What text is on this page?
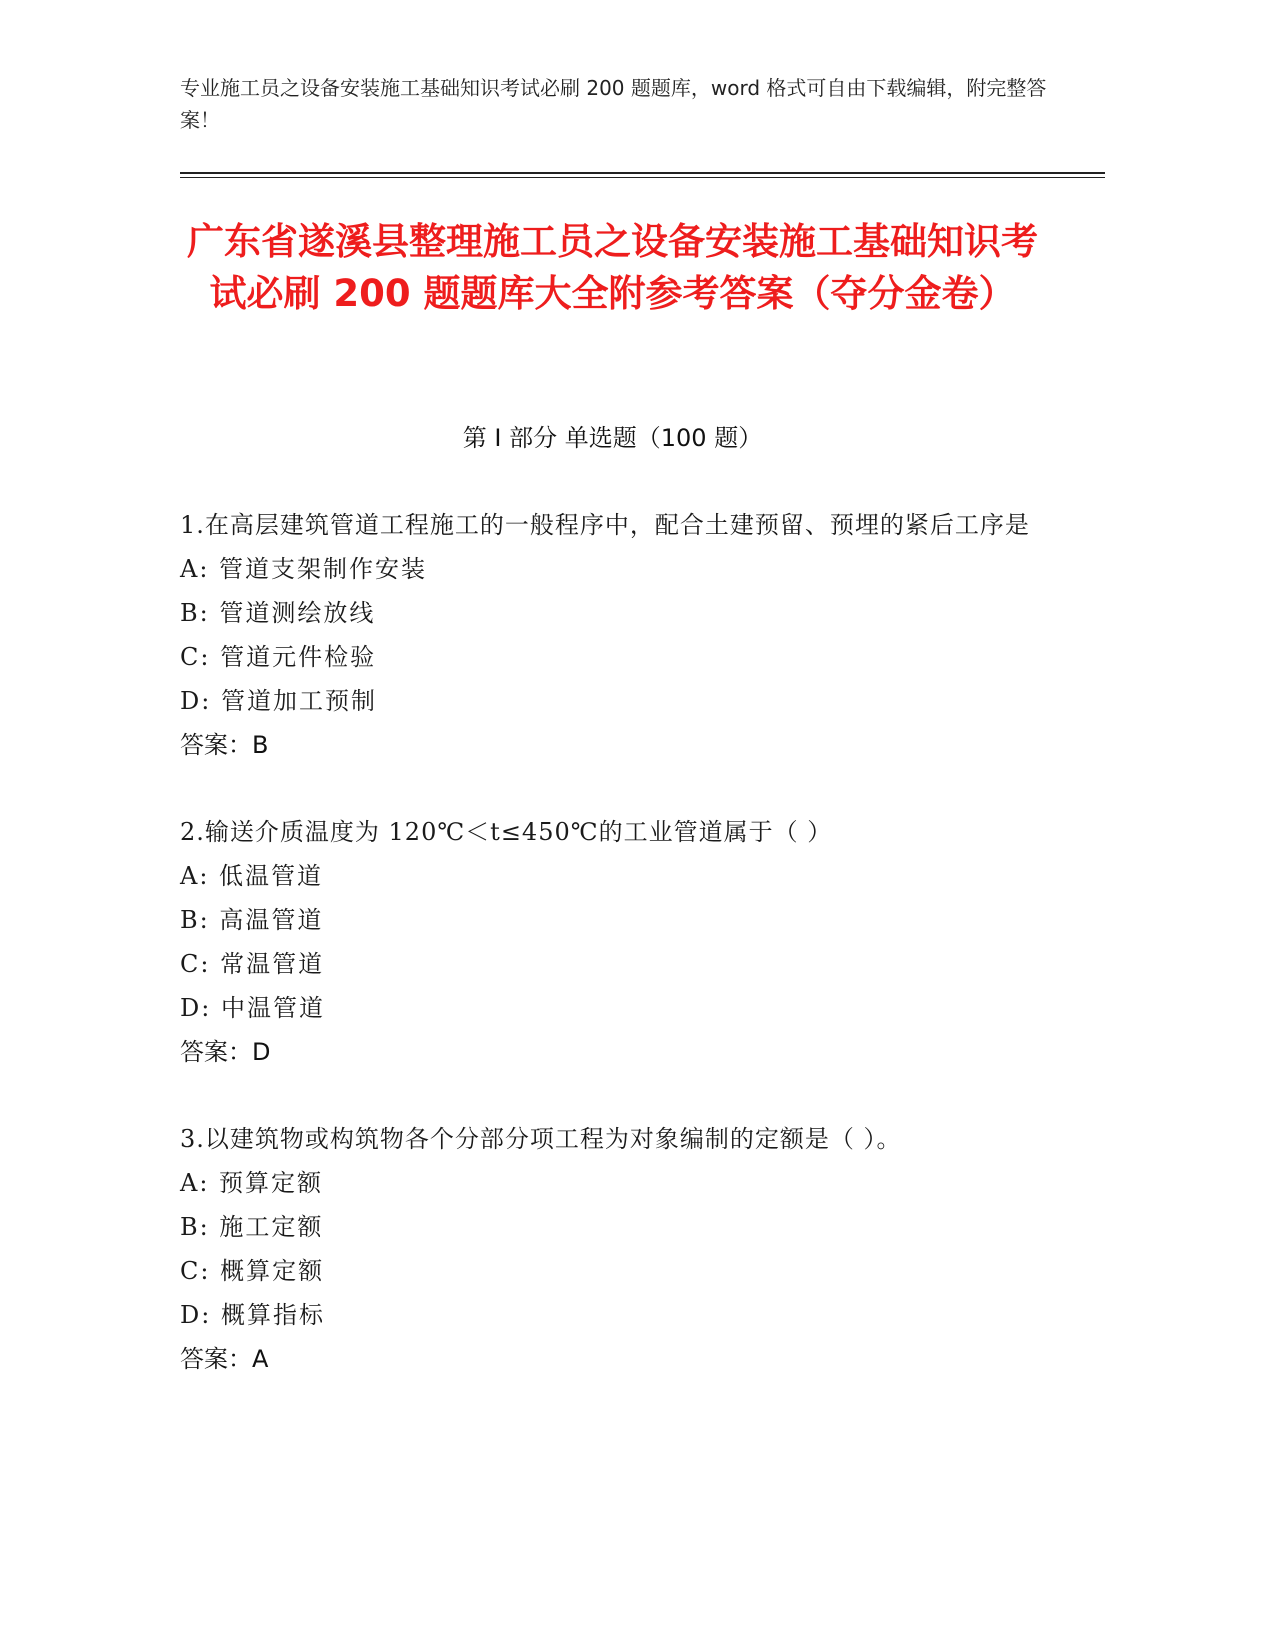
专业施工员之设备安装施工基础知识考试必刷 200 题题库，word 格式可自由下载编辑，附完整答案！
广东省遂溪县整理施工员之设备安装施工基础知识考试必刷 200 题题库大全附参考答案（夺分金卷）
第 I 部分 单选题（100 题）
1.在高层建筑管道工程施工的一般程序中，配合土建预留、预埋的紧后工序是
A: 管道支架制作安装
B: 管道测绘放线
C: 管道元件检验
D: 管道加工预制
答案：B
2.输送介质温度为 120℃＜t≤450℃的工业管道属于（ ）
A: 低温管道
B: 高温管道
C: 常温管道
D: 中温管道
答案：D
3.以建筑物或构筑物各个分部分项工程为对象编制的定额是（ ）。
A: 预算定额
B: 施工定额
C: 概算定额
D: 概算指标
答案：A
